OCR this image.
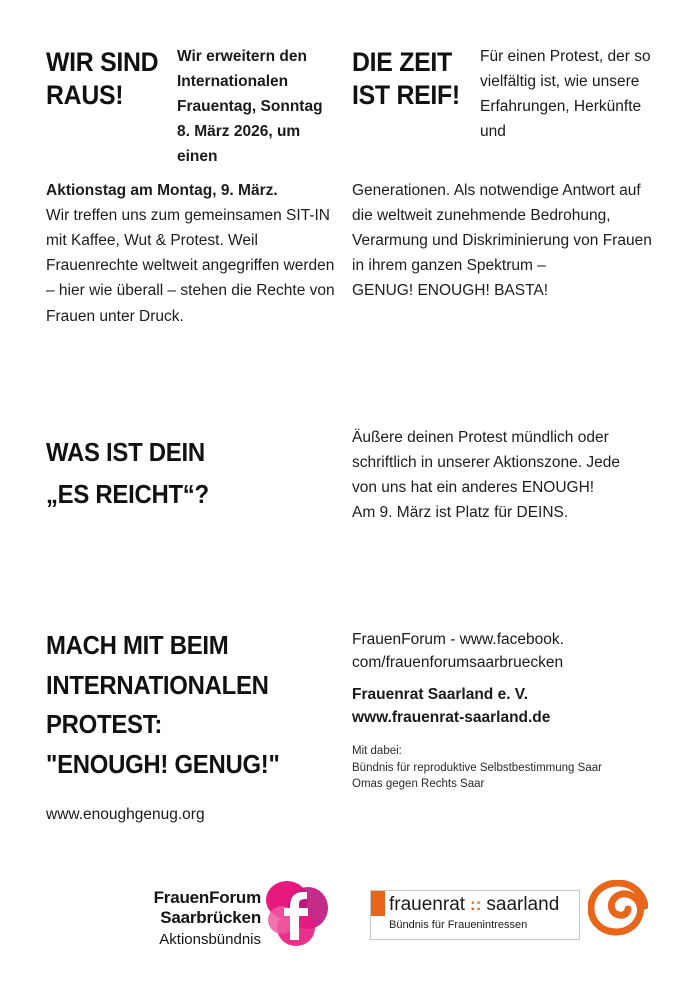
WIR SIND RAUS!
Wir erweitern den Internationalen Frauentag, Sonntag 8. März 2026, um einen

Aktionstag am Montag, 9. März.

Wir treffen uns zum gemeinsamen SIT-IN mit Kaffee, Wut & Protest. Weil Frauenrechte weltweit angegriffen werden – hier wie überall – stehen die Rechte von Frauen unter Druck.

WAS IST DEIN
„ES REICHT“?
MACH MIT BEIM
INTERNATIONALEN
PROTEST:
"ENOUGH! GENUG!"
www.enoughgenug.org
DIE ZEIT IST REIF!
Für einen Protest, der so vielfältig ist, wie unsere Erfahrungen, Herkünfte und

Generationen. Als notwendige Antwort auf die weltweit zunehmende Bedrohung, Verarmung und Diskriminierung von Frauen in ihrem ganzen Spektrum –

GENUG! ENOUGH! BASTA!

Äußere deinen Protest mündlich oder schriftlich in unserer Aktionszone. Jede von uns hat ein anderes ENOUGH!

Am 9. März ist Platz für DEINS.

FrauenForum - www.facebook.
com/frauenforumsaarbruecken
Frauenrat Saarland e. V.
www.frauenrat-saarland.de
Mit dabei:
Bündnis für reproduktive Selbstbestimmung Saar
Omas gegen Rechts Saar
FrauenForum Saarbrücken
Aktionsbündnis
frauenrat :: saarland
Bündnis für Frauenintressen
